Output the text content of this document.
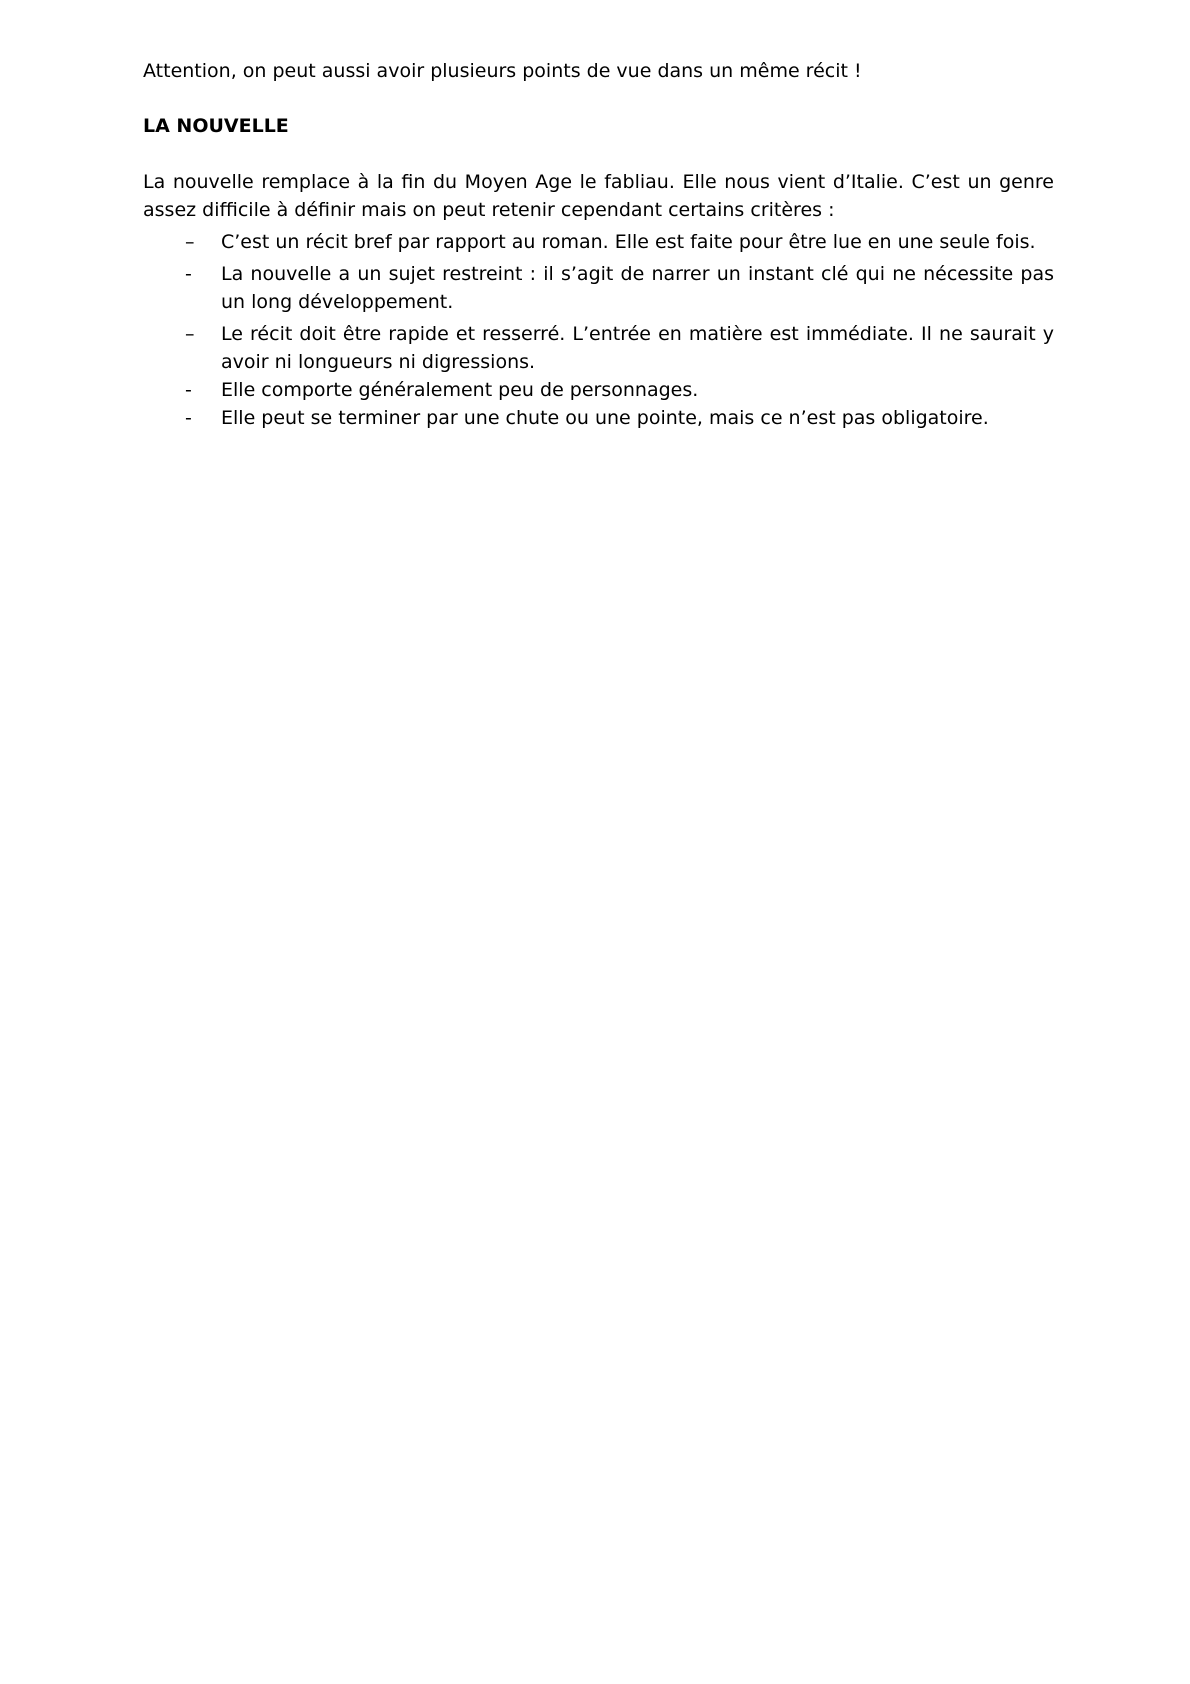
Attention, on peut aussi avoir plusieurs points de vue dans un même récit !
LA NOUVELLE
La nouvelle remplace à la fin du Moyen Age le fabliau. Elle nous vient d’Italie. C’est un genre assez difficile à définir mais on peut retenir cependant certains critères :
–	C’est un récit bref par rapport au roman. Elle est faite pour être lue en une seule fois.
-	La nouvelle a un sujet restreint : il s’agit de narrer un instant clé qui ne nécessite pas un long développement.
–	Le récit doit être rapide et resserré. L’entrée en matière est immédiate. Il ne saurait y avoir ni longueurs ni digressions.
-	Elle comporte généralement peu de personnages.
-	Elle peut se terminer par une chute ou une pointe, mais ce n’est pas obligatoire.
